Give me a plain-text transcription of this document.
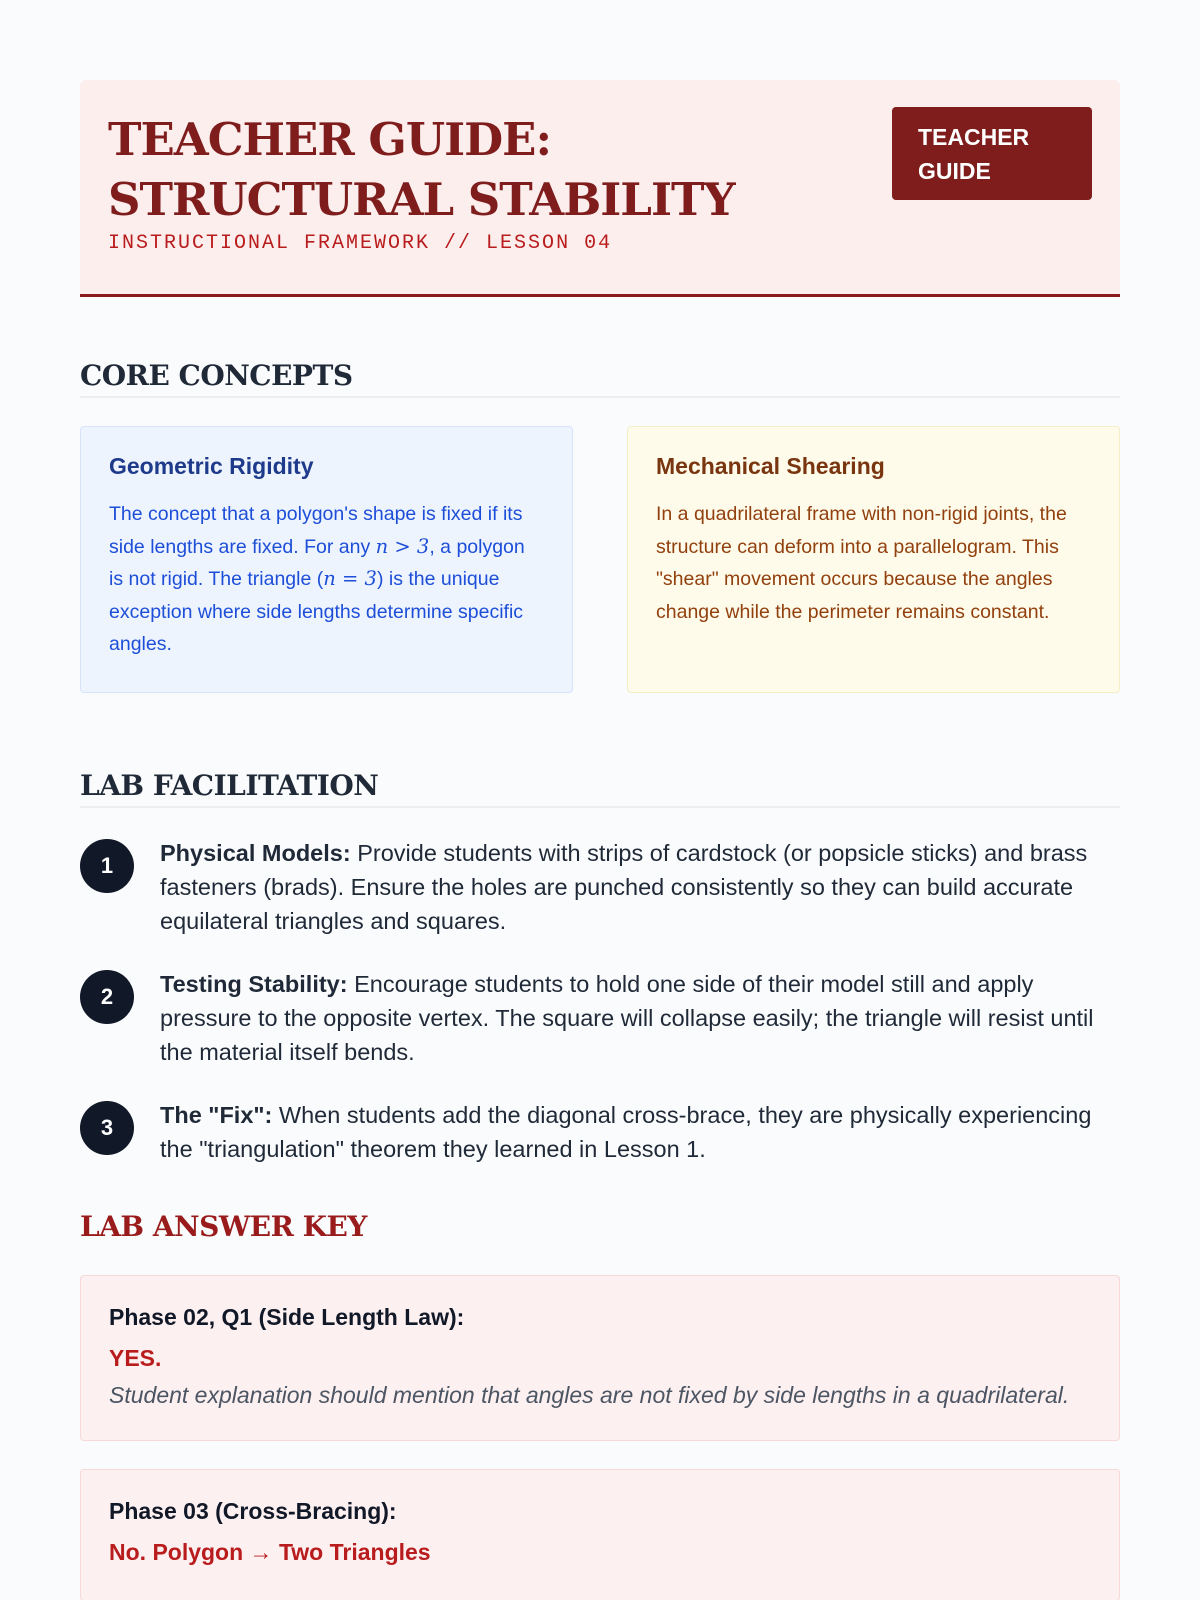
TEACHER GUIDE: STRUCTURAL STABILITY
INSTRUCTIONAL FRAMEWORK // LESSON 04
TEACHER GUIDE
CORE CONCEPTS
Geometric Rigidity
The concept that a polygon's shape is fixed if its side lengths are fixed. For any n > 3, a polygon is not rigid. The triangle (n = 3) is the unique exception where side lengths determine specific angles.
Mechanical Shearing
In a quadrilateral frame with non-rigid joints, the structure can deform into a parallelogram. This "shear" movement occurs because the angles change while the perimeter remains constant.
LAB FACILITATION
1	Physical Models: Provide students with strips of cardstock (or popsicle sticks) and brass fasteners (brads). Ensure the holes are punched consistently so they can build accurate equilateral triangles and squares.
2	Testing Stability: Encourage students to hold one side of their model still and apply pressure to the opposite vertex. The square will collapse easily; the triangle will resist until the material itself bends.
3	The "Fix": When students add the diagonal cross-brace, they are physically experiencing the "triangulation" theorem they learned in Lesson 1.
LAB ANSWER KEY
Phase 02, Q1 (Side Length Law):
YES.
Student explanation should mention that angles are not fixed by side lengths in a quadrilateral.
Phase 03 (Cross-Bracing):
No. Polygon → Two Triangles
